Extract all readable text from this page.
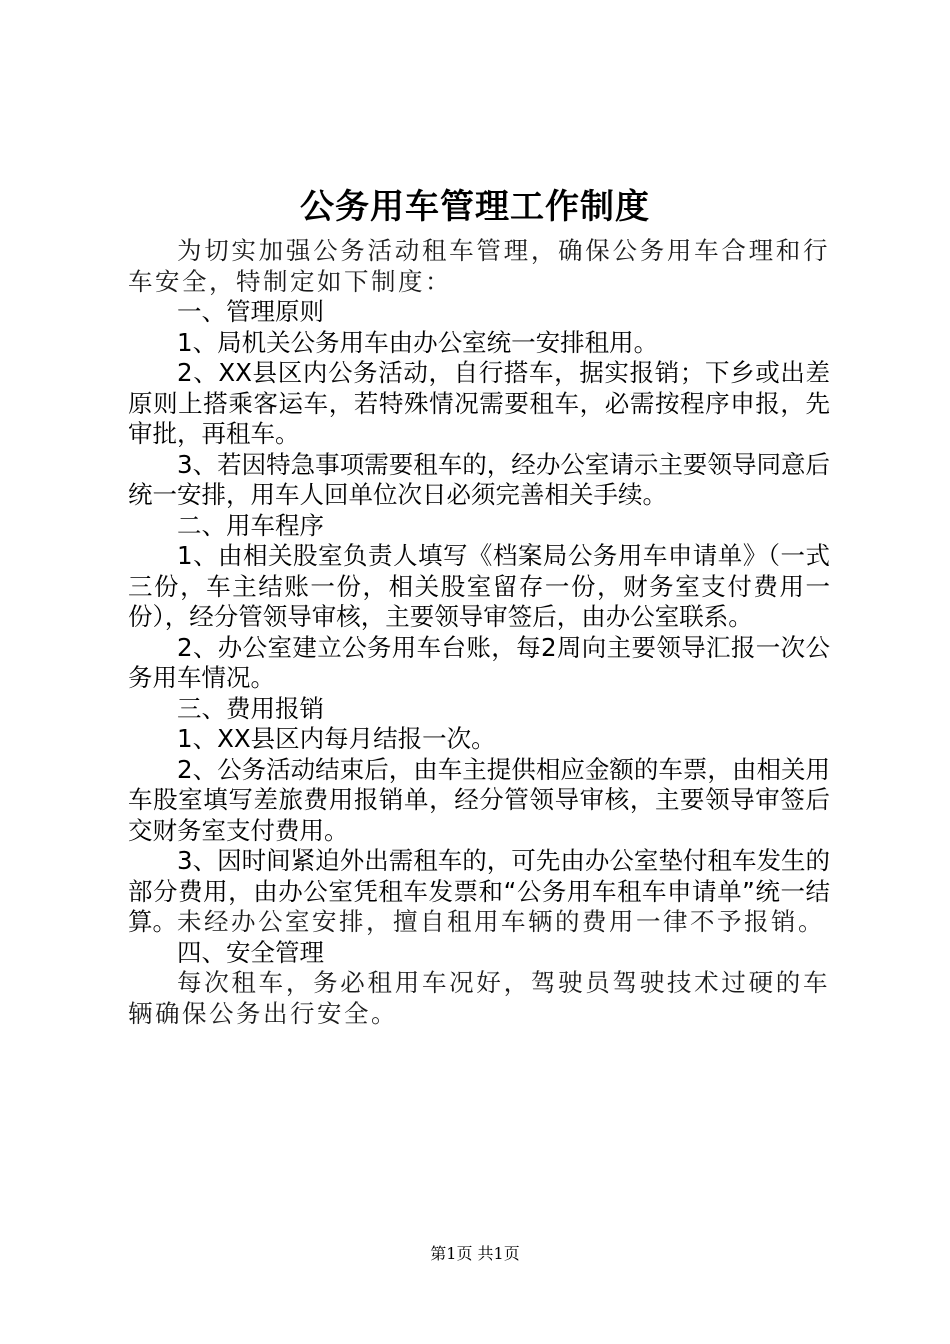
公务用车管理工作制度

为切实加强公务活动租车管理，确保公务用车合理和行车安全，特制定如下制度：

一、管理原则

1、局机关公务用车由办公室统一安排租用。

2、XX县区内公务活动，自行搭车，据实报销；下乡或出差原则上搭乘客运车，若特殊情况需要租车，必需按程序申报，先审批，再租车。

3、若因特急事项需要租车的，经办公室请示主要领导同意后统一安排，用车人回单位次日必须完善相关手续。

二、用车程序

1、由相关股室负责人填写《档案局公务用车申请单》（一式三份，车主结账一份，相关股室留存一份，财务室支付费用一份），经分管领导审核，主要领导审签后，由办公室联系。

2、办公室建立公务用车台账，每2周向主要领导汇报一次公务用车情况。

三、费用报销

1、XX县区内每月结报一次。

2、公务活动结束后，由车主提供相应金额的车票，由相关用车股室填写差旅费用报销单，经分管领导审核，主要领导审签后交财务室支付费用。

3、因时间紧迫外出需租车的，可先由办公室垫付租车发生的部分费用，由办公室凭租车发票和“公务用车租车申请单”统一结算。未经办公室安排，擅自租用车辆的费用一律不予报销。

四、安全管理

每次租车，务必租用车况好，驾驶员驾驶技术过硬的车辆确保公务出行安全。

第1页 共1页
